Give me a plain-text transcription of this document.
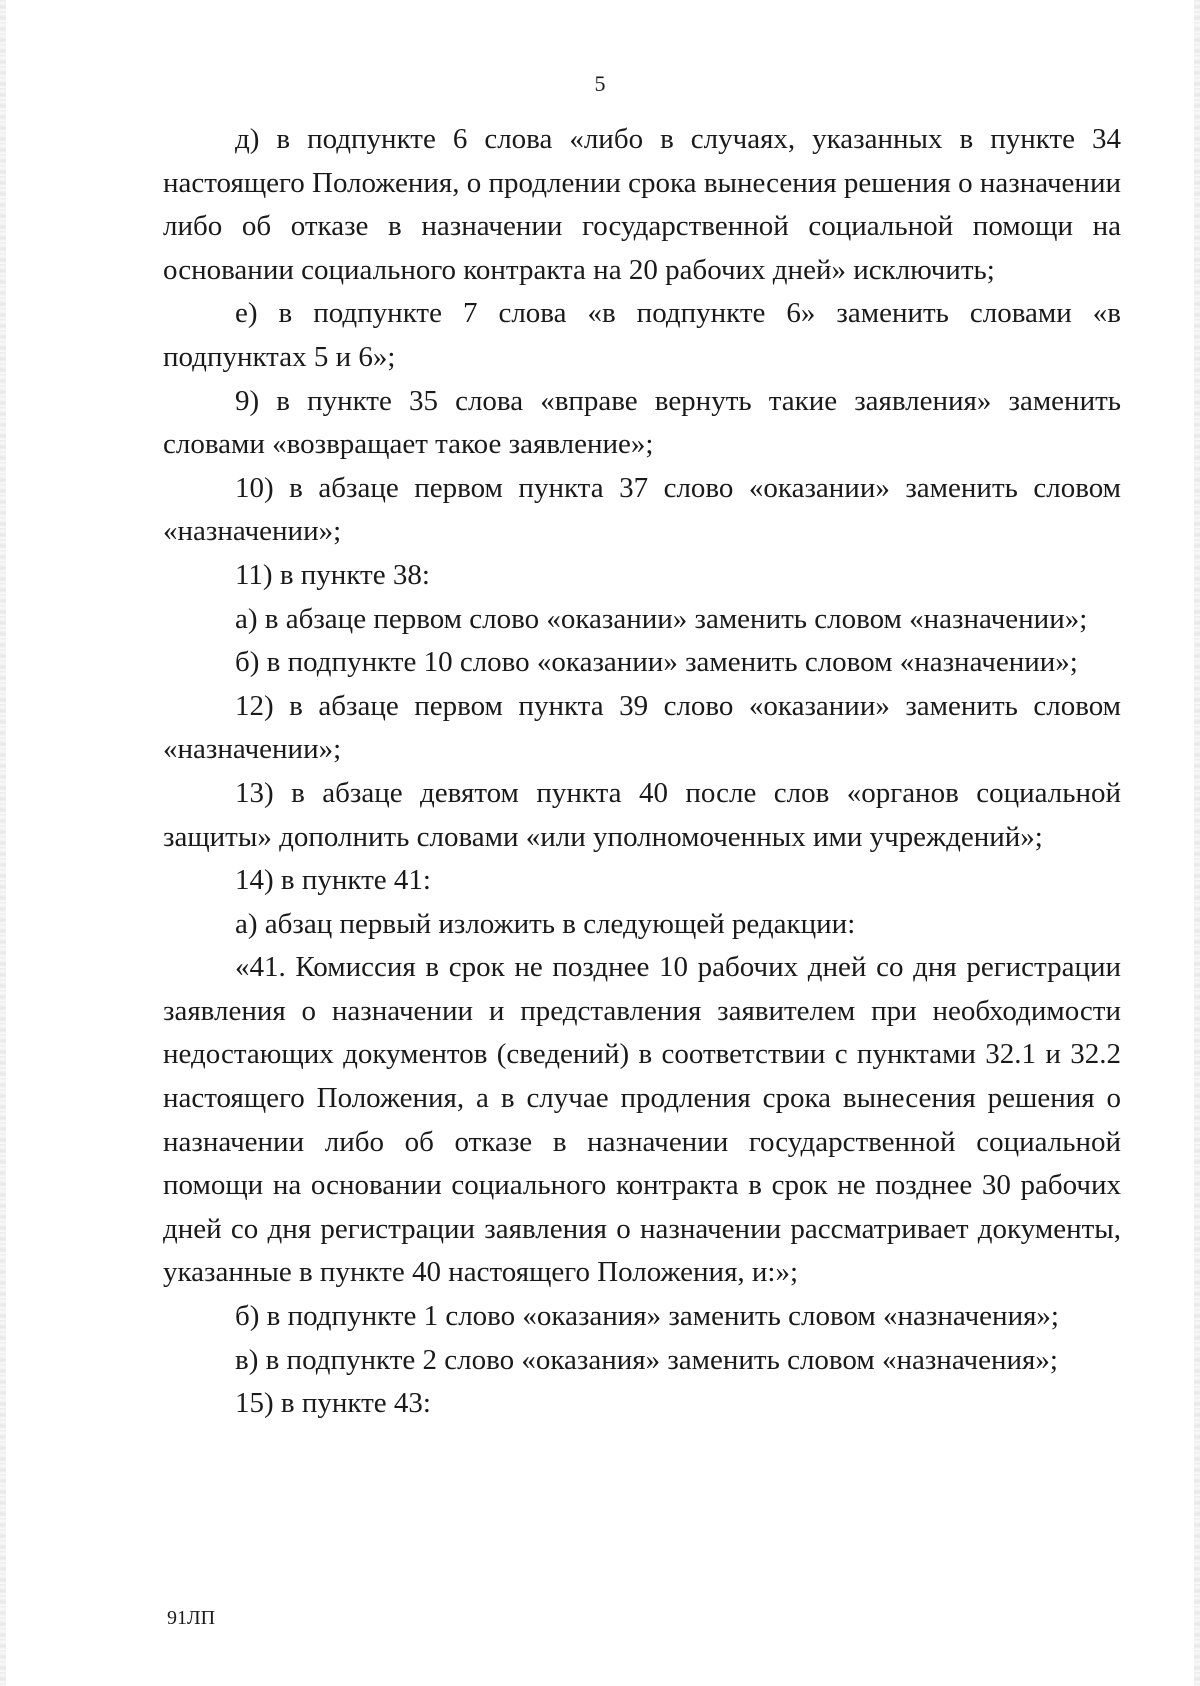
5

д) в подпункте 6 слова «либо в случаях, указанных в пункте 34 настоящего Положения, о продлении срока вынесения решения о назначении либо об отказе в назначении государственной социальной помощи на основании социального контракта на 20 рабочих дней» исключить;

е) в подпункте 7 слова «в подпункте 6» заменить словами «в подпунктах 5 и 6»;

9) в пункте 35 слова «вправе вернуть такие заявления» заменить словами «возвращает такое заявление»;

10) в абзаце первом пункта 37 слово «оказании» заменить словом «назначении»;

11) в пункте 38:

а) в абзаце первом слово «оказании» заменить словом «назначении»;

б) в подпункте 10 слово «оказании» заменить словом «назначении»;

12) в абзаце первом пункта 39 слово «оказании» заменить словом «назначении»;

13) в абзаце девятом пункта 40 после слов «органов социальной защиты» дополнить словами «или уполномоченных ими учреждений»;

14) в пункте 41:

а) абзац первый изложить в следующей редакции:

«41. Комиссия в срок не позднее 10 рабочих дней со дня регистрации заявления о назначении и представления заявителем при необходимости недостающих документов (сведений) в соответствии с пунктами 32.1 и 32.2 настоящего Положения, а в случае продления срока вынесения решения о назначении либо об отказе в назначении государственной социальной помощи на основании социального контракта в срок не позднее 30 рабочих дней со дня регистрации заявления о назначении рассматривает документы, указанные в пункте 40 настоящего Положения, и:»;

б) в подпункте 1 слово «оказания» заменить словом «назначения»;

в) в подпункте 2 слово «оказания» заменить словом «назначения»;

15) в пункте 43:

91ЛП
